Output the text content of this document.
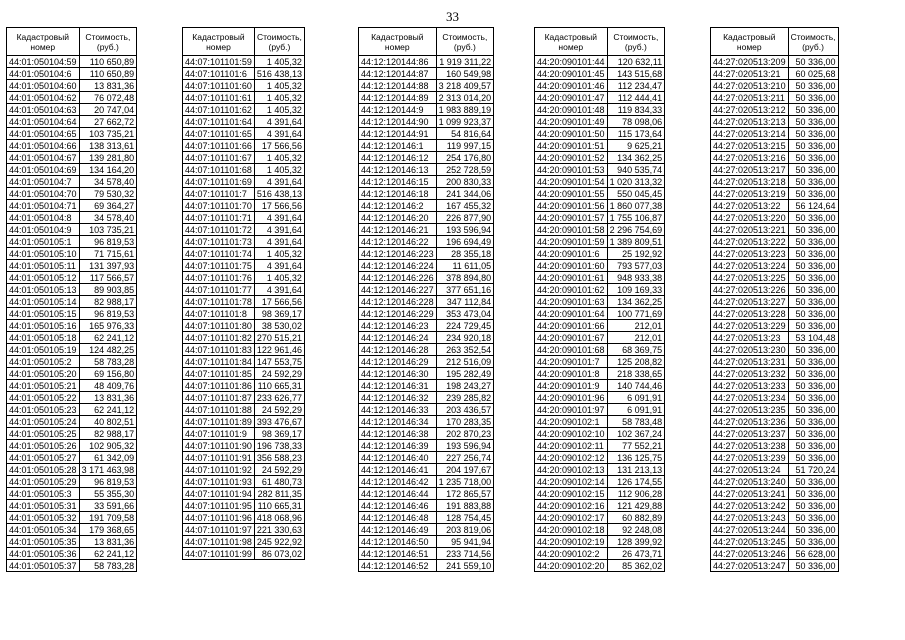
33
Кадастровый номер	Стоимость, (руб.)
44:01:050104:59	110 650,89
44:01:050104:6	110 650,89
44:01:050104:60	13 831,36
44:01:050104:62	76 072,48
44:01:050104:63	20 747,04
44:01:050104:64	27 662,72
44:01:050104:65	103 735,21
44:01:050104:66	138 313,61
44:01:050104:67	139 281,80
44:01:050104:69	134 164,20
44:01:050104:7	34 578,40
44:01:050104:70	79 530,32
44:01:050104:71	69 364,27
44:01:050104:8	34 578,40
44:01:050104:9	103 735,21
44:01:050105:1	96 819,53
44:01:050105:10	71 715,61
44:01:050105:11	131 397,93
44:01:050105:12	117 566,57
44:01:050105:13	89 903,85
44:01:050105:14	82 988,17
44:01:050105:15	96 819,53
44:01:050105:16	165 976,33
44:01:050105:18	62 241,12
44:01:050105:19	124 482,25
44:01:050105:2	58 783,28
44:01:050105:20	69 156,80
44:01:050105:21	48 409,76
44:01:050105:22	13 831,36
44:01:050105:23	62 241,12
44:01:050105:24	40 802,51
44:01:050105:25	82 988,17
44:01:050105:26	102 905,32
44:01:050105:27	61 342,09
44:01:050105:28	3 171 463,98
44:01:050105:29	96 819,53
44:01:050105:3	55 355,30
44:01:050105:31	33 591,66
44:01:050105:32	191 709,58
44:01:050105:34	179 368,65
44:01:050105:35	13 831,36
44:01:050105:36	62 241,12
44:01:050105:37	58 783,28
Кадастровый номер	Стоимость, (руб.)
44:07:101101:59	1 405,32
44:07:101101:6	516 438,13
44:07:101101:60	1 405,32
44:07:101101:61	1 405,32
44:07:101101:62	1 405,32
44:07:101101:64	4 391,64
44:07:101101:65	4 391,64
44:07:101101:66	17 566,56
44:07:101101:67	1 405,32
44:07:101101:68	1 405,32
44:07:101101:69	4 391,64
44:07:101101:7	516 438,13
44:07:101101:70	17 566,56
44:07:101101:71	4 391,64
44:07:101101:72	4 391,64
44:07:101101:73	4 391,64
44:07:101101:74	1 405,32
44:07:101101:75	4 391,64
44:07:101101:76	1 405,32
44:07:101101:77	4 391,64
44:07:101101:78	17 566,56
44:07:101101:8	98 369,17
44:07:101101:80	38 530,02
44:07:101101:82	270 515,21
44:07:101101:83	122 961,46
44:07:101101:84	147 553,75
44:07:101101:85	24 592,29
44:07:101101:86	110 665,31
44:07:101101:87	233 626,77
44:07:101101:88	24 592,29
44:07:101101:89	393 476,67
44:07:101101:9	98 369,17
44:07:101101:90	196 738,33
44:07:101101:91	356 588,23
44:07:101101:92	24 592,29
44:07:101101:93	61 480,73
44:07:101101:94	282 811,35
44:07:101101:95	110 665,31
44:07:101101:96	418 068,96
44:07:101101:97	221 330,63
44:07:101101:98	245 922,92
44:07:101101:99	86 073,02
Кадастровый номер	Стоимость, (руб.)
44:12:120144:86	1 919 311,22
44:12:120144:87	160 549,98
44:12:120144:88	3 218 409,57
44:12:120144:89	2 313 014,20
44:12:120144:9	1 983 889,19
44:12:120144:90	1 099 923,37
44:12:120144:91	54 816,64
44:12:120146:1	119 997,15
44:12:120146:12	254 176,80
44:12:120146:13	252 728,59
44:12:120146:15	200 830,33
44:12:120146:18	241 344,06
44:12:120146:2	167 455,32
44:12:120146:20	226 877,90
44:12:120146:21	193 596,94
44:12:120146:22	196 694,49
44:12:120146:223	28 355,18
44:12:120146:224	11 611,05
44:12:120146:226	378 894,80
44:12:120146:227	377 651,16
44:12:120146:228	347 112,84
44:12:120146:229	353 473,04
44:12:120146:23	224 729,45
44:12:120146:24	234 920,18
44:12:120146:28	263 352,54
44:12:120146:29	212 516,09
44:12:120146:30	195 282,49
44:12:120146:31	198 243,27
44:12:120146:32	239 285,82
44:12:120146:33	203 436,57
44:12:120146:34	170 283,35
44:12:120146:38	202 870,23
44:12:120146:39	193 596,94
44:12:120146:40	227 256,74
44:12:120146:41	204 197,67
44:12:120146:42	1 235 718,00
44:12:120146:44	172 865,57
44:12:120146:46	191 883,88
44:12:120146:48	128 754,45
44:12:120146:49	203 819,06
44:12:120146:50	95 941,94
44:12:120146:51	233 714,56
44:12:120146:52	241 559,10
Кадастровый номер	Стоимость, (руб.)
44:20:090101:44	120 632,11
44:20:090101:45	143 515,68
44:20:090101:46	112 234,47
44:20:090101:47	112 444,41
44:20:090101:48	119 834,33
44:20:090101:49	78 098,06
44:20:090101:50	115 173,64
44:20:090101:51	9 625,21
44:20:090101:52	134 362,25
44:20:090101:53	940 535,74
44:20:090101:54	1 020 313,32
44:20:090101:55	550 045,45
44:20:090101:56	1 860 077,38
44:20:090101:57	1 755 106,87
44:20:090101:58	2 296 754,69
44:20:090101:59	1 389 809,51
44:20:090101:6	25 192,92
44:20:090101:60	793 577,03
44:20:090101:61	948 933,38
44:20:090101:62	109 169,33
44:20:090101:63	134 362,25
44:20:090101:64	100 771,69
44:20:090101:66	212,01
44:20:090101:67	212,01
44:20:090101:68	68 369,75
44:20:090101:7	125 208,82
44:20:090101:8	218 338,65
44:20:090101:9	140 744,46
44:20:090101:96	6 091,91
44:20:090101:97	6 091,91
44:20:090102:1	58 783,48
44:20:090102:10	102 367,24
44:20:090102:11	77 552,21
44:20:090102:12	136 125,75
44:20:090102:13	131 213,13
44:20:090102:14	126 174,55
44:20:090102:15	112 906,28
44:20:090102:16	121 429,88
44:20:090102:17	60 882,89
44:20:090102:18	92 248,08
44:20:090102:19	128 399,92
44:20:090102:2	26 473,71
44:20:090102:20	85 362,02
Кадастровый номер	Стоимость, (руб.)
44:27:020513:209	50 336,00
44:27:020513:21	60 025,68
44:27:020513:210	50 336,00
44:27:020513:211	50 336,00
44:27:020513:212	50 336,00
44:27:020513:213	50 336,00
44:27:020513:214	50 336,00
44:27:020513:215	50 336,00
44:27:020513:216	50 336,00
44:27:020513:217	50 336,00
44:27:020513:218	50 336,00
44:27:020513:219	50 336,00
44:27:020513:22	56 124,64
44:27:020513:220	50 336,00
44:27:020513:221	50 336,00
44:27:020513:222	50 336,00
44:27:020513:223	50 336,00
44:27:020513:224	50 336,00
44:27:020513:225	50 336,00
44:27:020513:226	50 336,00
44:27:020513:227	50 336,00
44:27:020513:228	50 336,00
44:27:020513:229	50 336,00
44:27:020513:23	53 104,48
44:27:020513:230	50 336,00
44:27:020513:231	50 336,00
44:27:020513:232	50 336,00
44:27:020513:233	50 336,00
44:27:020513:234	50 336,00
44:27:020513:235	50 336,00
44:27:020513:236	50 336,00
44:27:020513:237	50 336,00
44:27:020513:238	50 336,00
44:27:020513:239	50 336,00
44:27:020513:24	51 720,24
44:27:020513:240	50 336,00
44:27:020513:241	50 336,00
44:27:020513:242	50 336,00
44:27:020513:243	50 336,00
44:27:020513:244	50 336,00
44:27:020513:245	50 336,00
44:27:020513:246	56 628,00
44:27:020513:247	50 336,00
